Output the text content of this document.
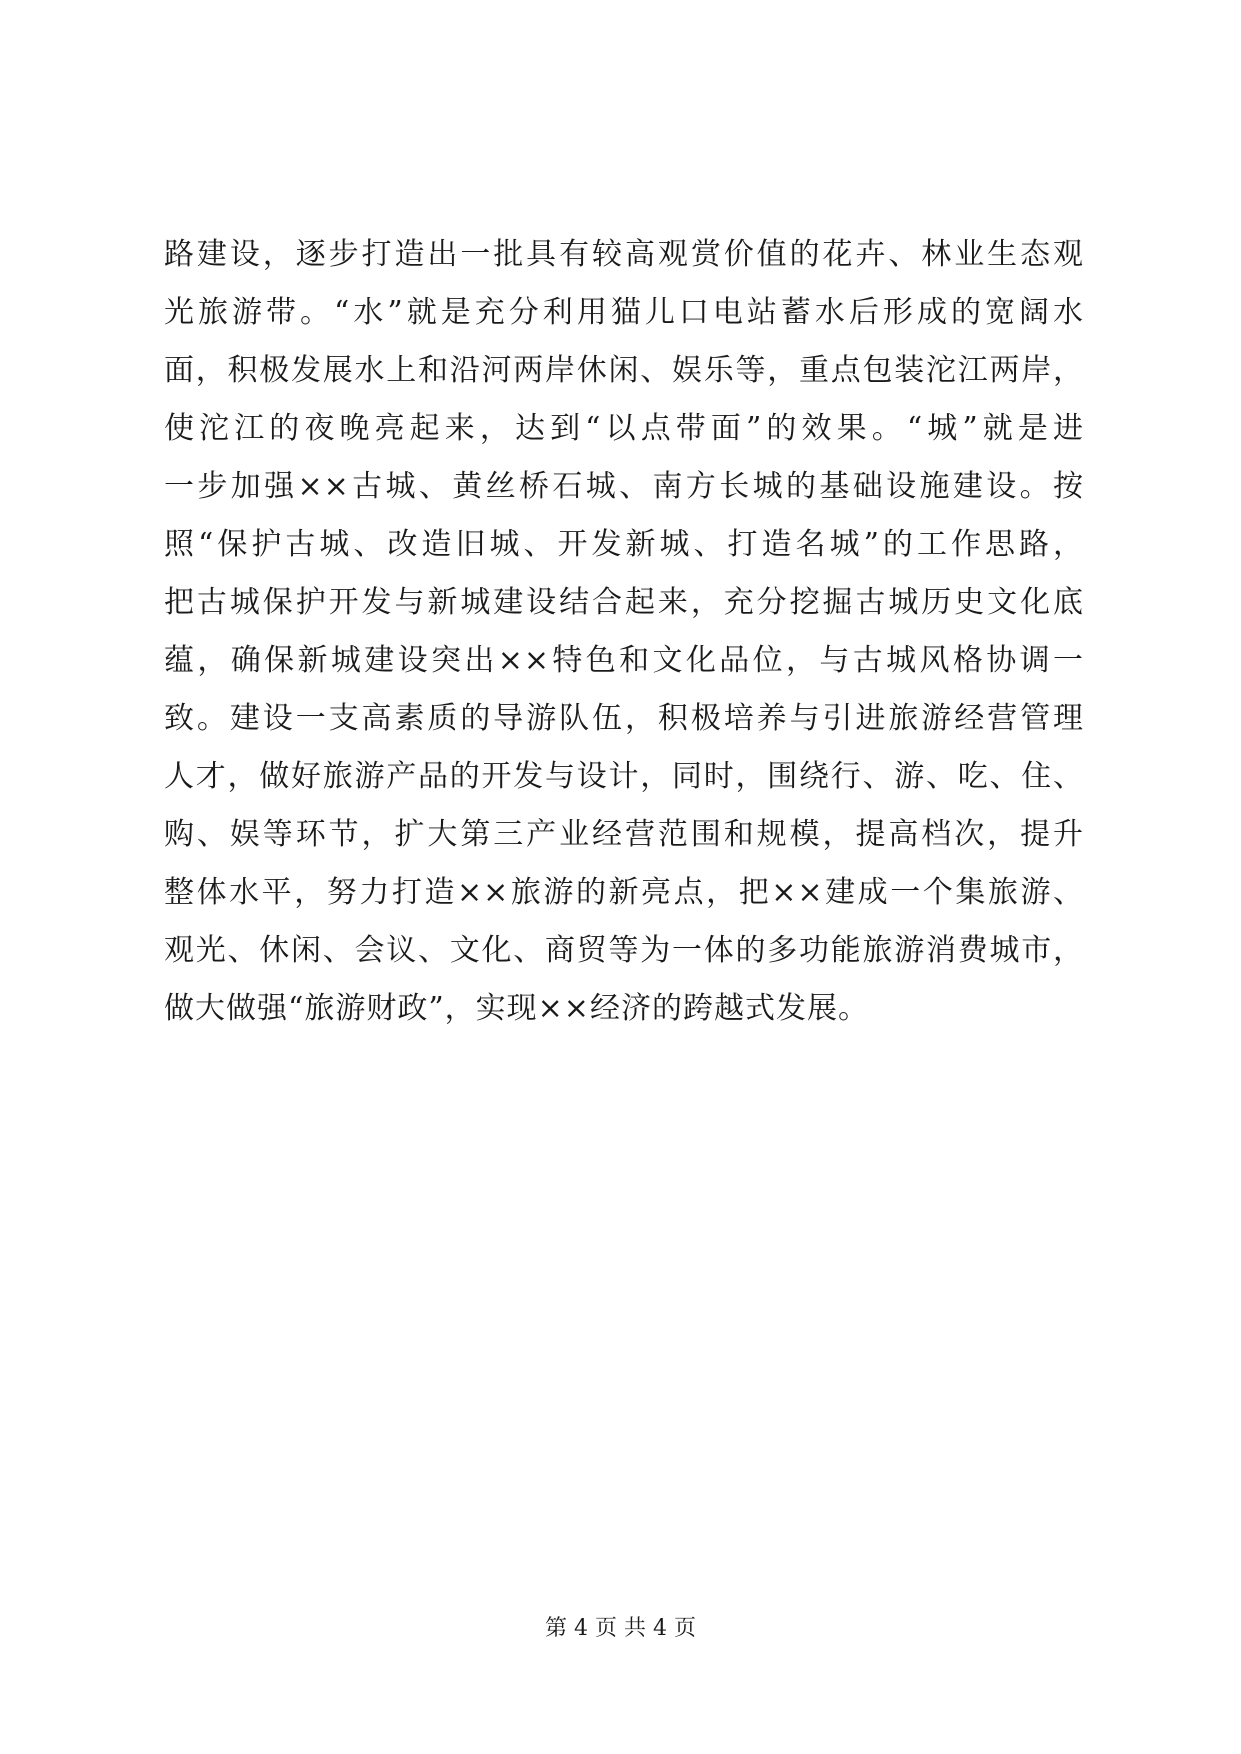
路建设，逐步打造出一批具有较高观赏价值的花卉、林业生态观
光旅游带。“水”就是充分利用猫儿口电站蓄水后形成的宽阔水
面，积极发展水上和沿河两岸休闲、娱乐等，重点包装沱江两岸，
使沱江的夜晚亮起来，达到“以点带面”的效果。“城”就是进
一步加强××古城、黄丝桥石城、南方长城的基础设施建设。按
照“保护古城、改造旧城、开发新城、打造名城”的工作思路，
把古城保护开发与新城建设结合起来，充分挖掘古城历史文化底
蕴，确保新城建设突出××特色和文化品位，与古城风格协调一
致。建设一支高素质的导游队伍，积极培养与引进旅游经营管理
人才，做好旅游产品的开发与设计，同时，围绕行、游、吃、住、
购、娱等环节，扩大第三产业经营范围和规模，提高档次，提升
整体水平，努力打造××旅游的新亮点，把××建成一个集旅游、
观光、休闲、会议、文化、商贸等为一体的多功能旅游消费城市，
做大做强“旅游财政”，实现××经济的跨越式发展。
第 4 页 共 4 页
